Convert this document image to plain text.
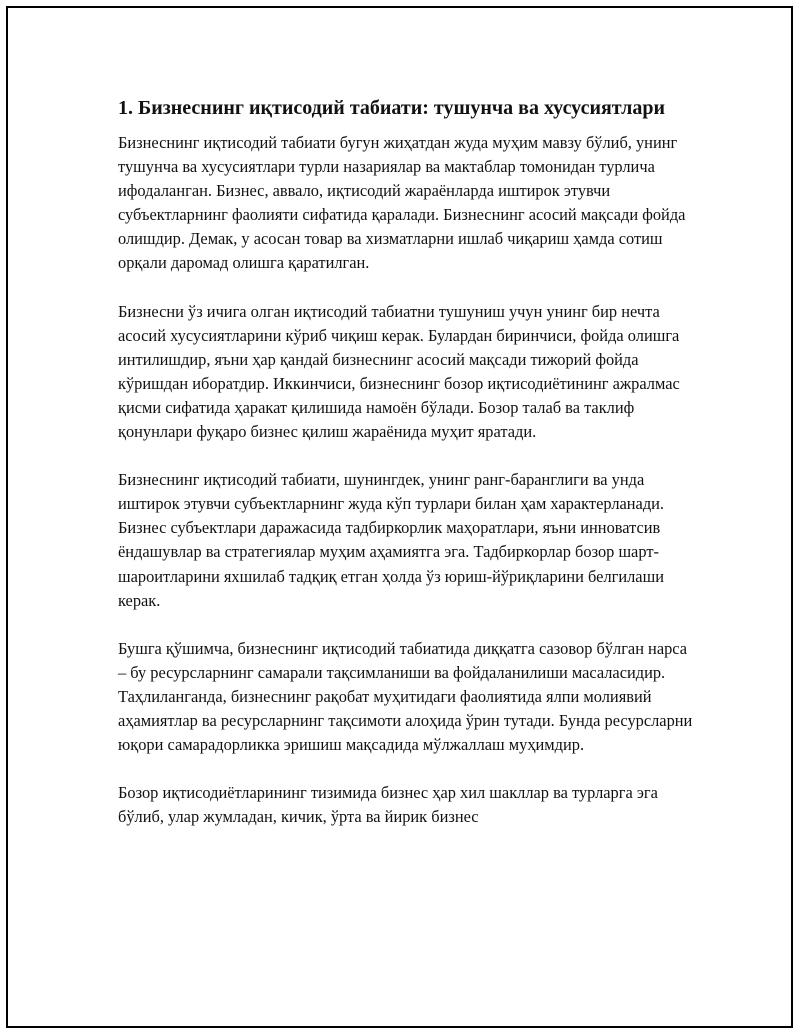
1. Бизнеснинг иқтисодий табиати: тушунча ва хусусиятлари

Бизнеснинг иқтисодий табиати бугун жиҳатдан жуда муҳим мавзу бўлиб, унинг тушунча ва хусусиятлари турли назариялар ва мактаблар томонидан турлича ифодаланган. Бизнес, аввало, иқтисодий жараёнларда иштирок этувчи субъектларнинг фаолияти сифатида қаралади. Бизнеснинг асосий мақсади фойда олишдир. Демак, у асосан товар ва хизматларни ишлаб чиқариш ҳамда сотиш орқали даромад олишга қаратилган.

Бизнесни ўз ичига олган иқтисодий табиатни тушуниш учун унинг бир нечта асосий хусусиятларини кўриб чиқиш керак. Булардан биринчиси, фойда олишга интилишдир, яъни ҳар қандай бизнеснинг асосий мақсади тижорий фойда кўришдан иборатдир. Иккинчиси, бизнеснинг бозор иқтисодиётининг ажралмас қисми сифатида ҳаракат қилишида намоён бўлади. Бозор талаб ва таклиф қонунлари фуқаро бизнес қилиш жараёнида муҳит яратади.

Бизнеснинг иқтисодий табиати, шунингдек, унинг ранг-баранглиги ва унда иштирок этувчи субъектларнинг жуда кўп турлари билан ҳам характерланади. Бизнес субъектлари даражасида тадбиркорлик маҳоратлари, яъни инноватсив ёндашувлар ва стратегиялар муҳим аҳамиятга эга. Тадбиркорлар бозор шарт-шароитларини яхшилаб тадқиқ етган ҳолда ўз юриш-йўриқларини белгилаши керак.

Бушга қўшимча, бизнеснинг иқтисодий табиатида диққатга сазовор бўлган нарса – бу ресурсларнинг самарали тақсимланиши ва фойдаланилиши масаласидир. Таҳлиланганда, бизнеснинг рақобат муҳитидаги фаолиятида ялпи молиявий аҳамиятлар ва ресурсларнинг тақсимоти алоҳида ўрин тутади. Бунда ресурсларни юқори самарадорликка эришиш мақсадида мўлжаллаш муҳимдир.

Бозор иқтисодиётларининг тизимида бизнес ҳар хил шакллар ва турларга эга бўлиб, улар жумладан, кичик, ўрта ва йирик бизнес
